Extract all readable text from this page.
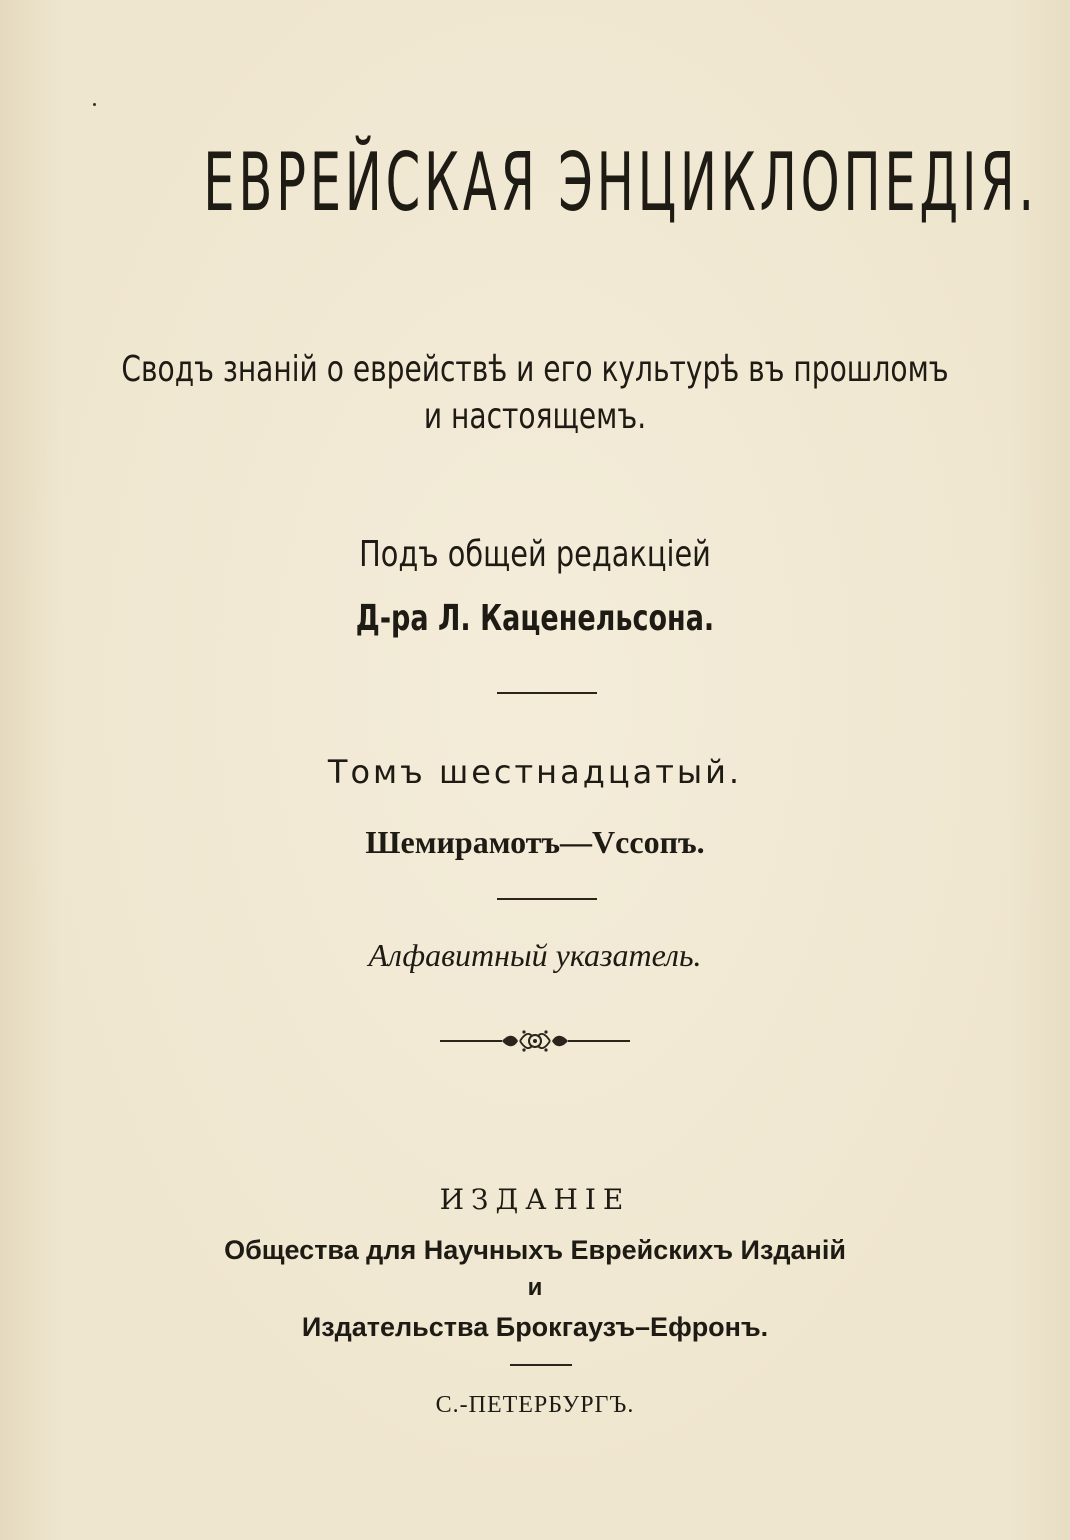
ЕВРЕЙСКАЯ ЭНЦИКЛОПЕДІЯ.
Сводъ знаній о еврействѣ и его культурѣ въ прошломъ
и настоящемъ.
Подъ общей редакціей
Д-ра Л. Каценельсона.
Томъ шестнадцатый.
Шемирамотъ—Vссопъ.
Алфавитный указатель.
ИЗДАНІЕ
Общества для Научныхъ Еврейскихъ Изданій
и
Издательства Брокгаузъ–Ефронъ.
С.-ПЕТЕРБУРГЪ.
